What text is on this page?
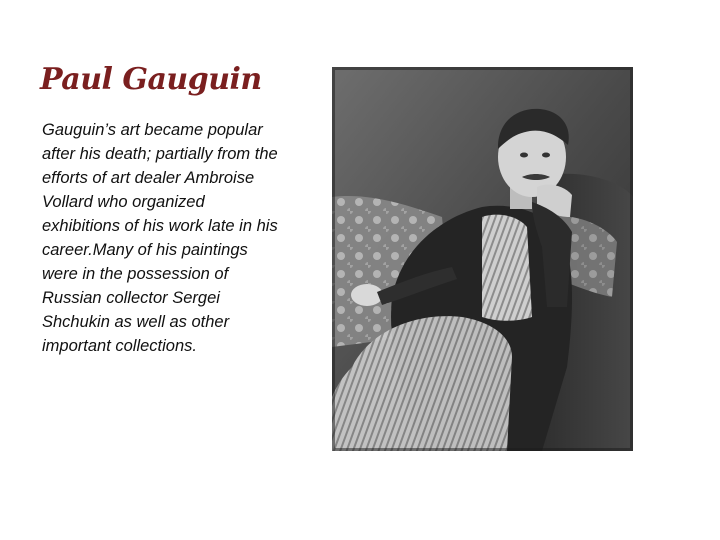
Paul Gauguin

Gauguin’s art became popular after his death; partially from the efforts of art dealer Ambroise Vollard who organized exhibitions of his work late in his career.Many of his paintings were in the possession of Russian collector Sergei Shchukin as well as other important collections.
